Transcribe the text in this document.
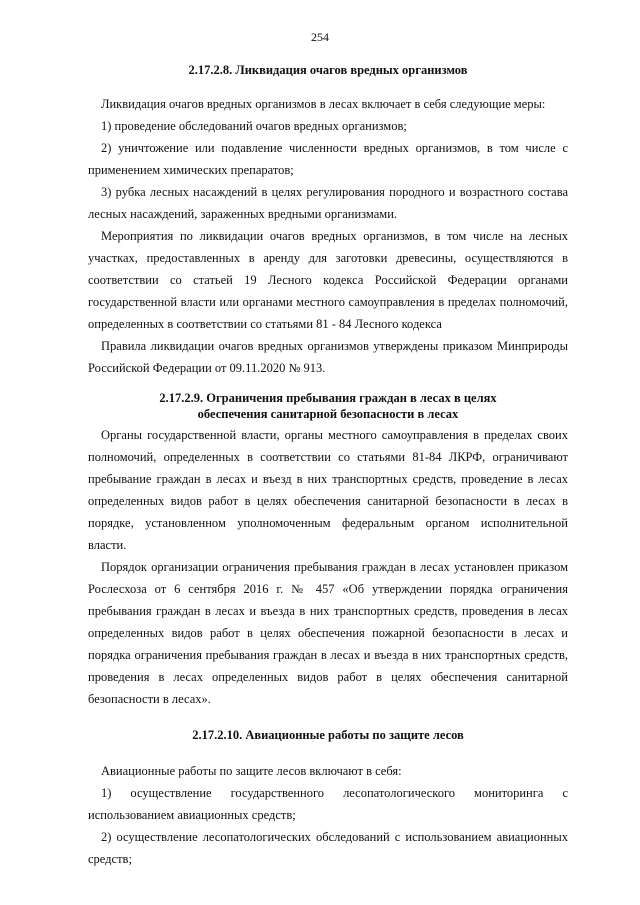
254
2.17.2.8. Ликвидация очагов вредных организмов

Ликвидация очагов вредных организмов в лесах включает в себя следующие меры:

1) проведение обследований очагов вредных организмов;

2) уничтожение или подавление численности вредных организмов, в том числе с применением химических препаратов;

3) рубка лесных насаждений в целях регулирования породного и возрастного состава лесных насаждений, зараженных вредными организмами.

Мероприятия по ликвидации очагов вредных организмов, в том числе на лесных участках, предоставленных в аренду для заготовки древесины, осуществляются в соответствии со статьей 19 Лесного кодекса Российской Федерации органами государственной власти или органами местного самоуправления в пределах полномочий, определенных в соответствии со статьями 81 - 84 Лесного кодекса

Правила ликвидации очагов вредных организмов утверждены приказом Минприроды Российской Федерации от 09.11.2020 № 913.

2.17.2.9. Ограничения пребывания граждан в лесах в целях
обеспечения санитарной безопасности в лесах

Органы государственной власти, органы местного самоуправления в пределах своих полномочий, определенных в соответствии со статьями 81-84 ЛКРФ, ограничивают пребывание граждан в лесах и въезд в них транспортных средств, проведение в лесах определенных видов работ в целях обеспечения санитарной безопасности в лесах в порядке, установленном уполномоченным федеральным органом исполнительной власти.

Порядок организации ограничения пребывания граждан в лесах установлен приказом Рослесхоза от 6 сентября 2016 г. № 457 «Об утверждении порядка ограничения пребывания граждан в лесах и въезда в них транспортных средств, проведения в лесах определенных видов работ в целях обеспечения пожарной безопасности в лесах и порядка ограничения пребывания граждан в лесах и въезда в них транспортных средств, проведения в лесах определенных видов работ в целях обеспечения санитарной безопасности в лесах».

2.17.2.10. Авиационные работы по защите лесов

Авиационные работы по защите лесов включают в себя:

1) осуществление государственного лесопатологического мониторинга с использованием авиационных средств;

2) осуществление лесопатологических обследований с использованием авиационных средств;
